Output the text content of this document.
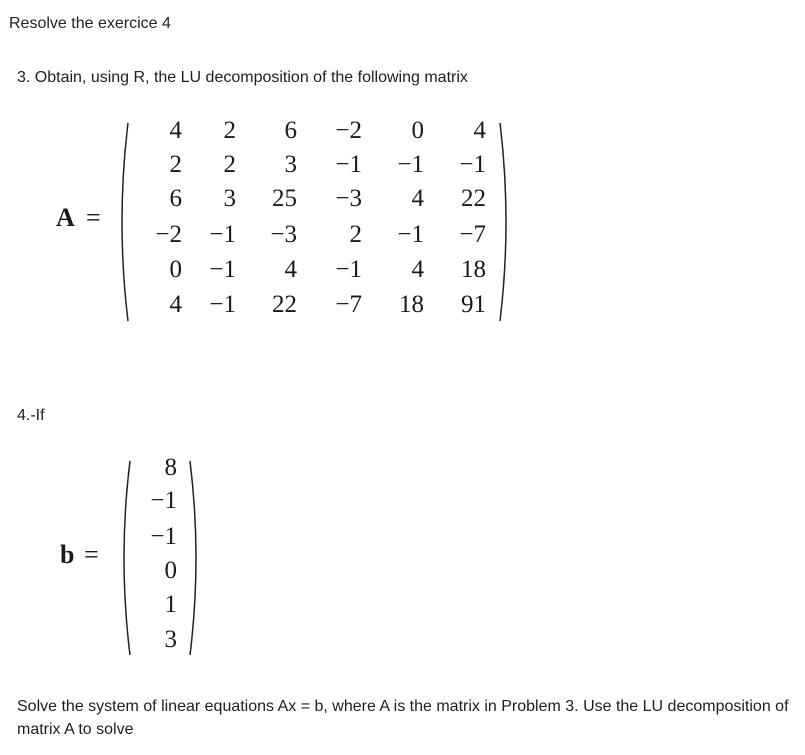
Resolve the exercice 4
3. Obtain, using R, the LU decomposition of the following matrix
A =
4	2	6	−2	0	4
2	2	3	−1	−1	−1
6	3	25	−3	4	22
−2	−1	−3	2	−1	−7
0	−1	4	−1	4	18
4	−1	22	−7	18	91
4.-If
b =
8
−1
−1
0
1
3
Solve the system of linear equations Ax = b, where A is the matrix in Problem 3. Use the LU decomposition of matrix A to solve
